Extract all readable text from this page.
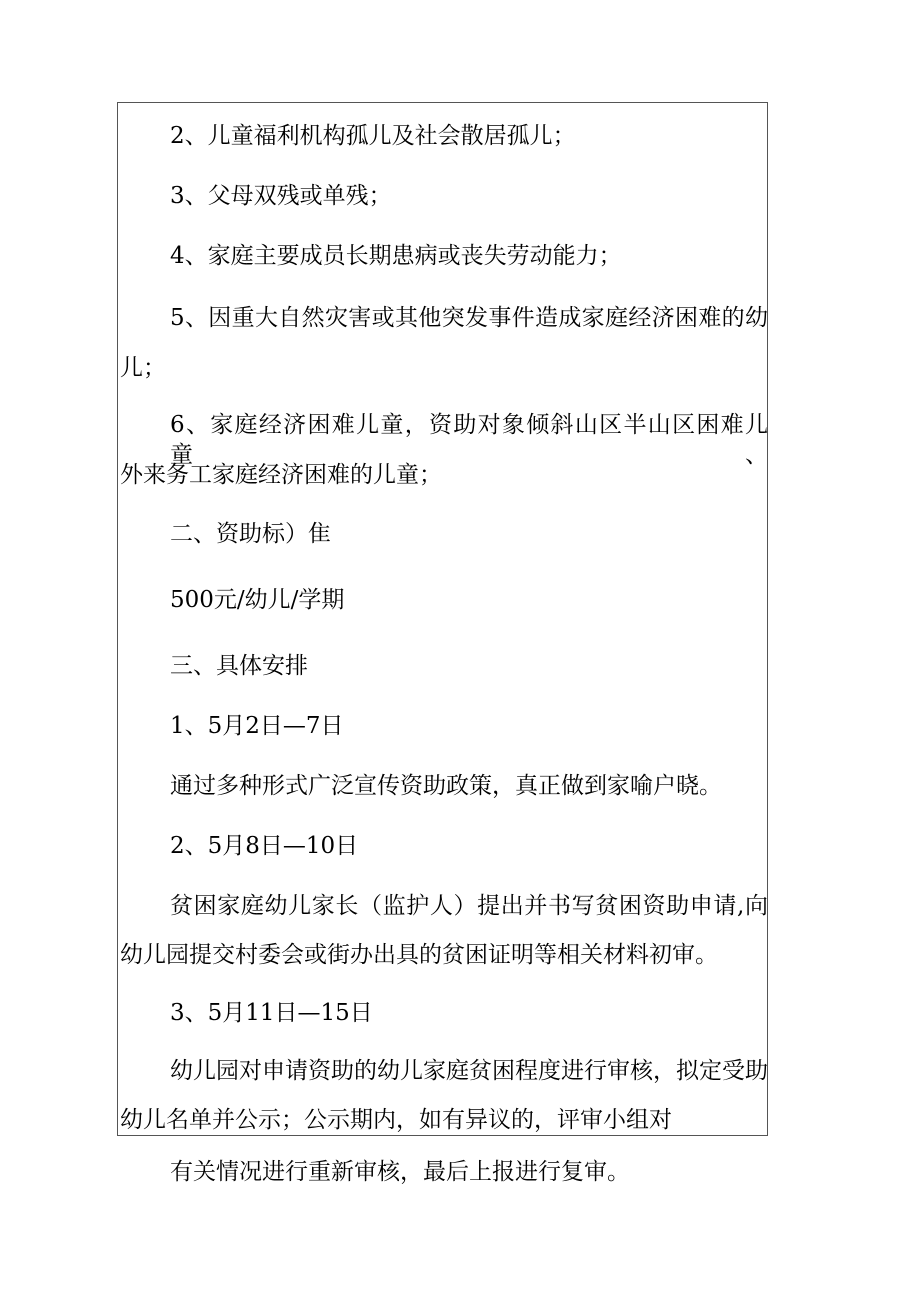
2、儿童福利机构孤儿及社会散居孤儿；
3、父母双残或单残；
4、家庭主要成员长期患病或丧失劳动能力；
5、因重大自然灾害或其他突发事件造成家庭经济困难的幼
儿；
6、家庭经济困难儿童，资助对象倾斜山区半山区困难儿童、
外来务工家庭经济困难的儿童；
二、资助标）隹
500元/幼儿/学期
三、具体安排
1、5月2日—7日
通过多种形式广泛宣传资助政策，真正做到家喻户晓。
2、5月8日—10日
贫困家庭幼儿家长（监护人）提出并书写贫困资助申请,向
幼儿园提交村委会或街办出具的贫困证明等相关材料初审。
3、5月11日—15日
幼儿园对申请资助的幼儿家庭贫困程度进行审核，拟定受助
幼儿名单并公示；公示期内，如有异议的，评审小组对
有关情况进行重新审核，最后上报进行复审。
